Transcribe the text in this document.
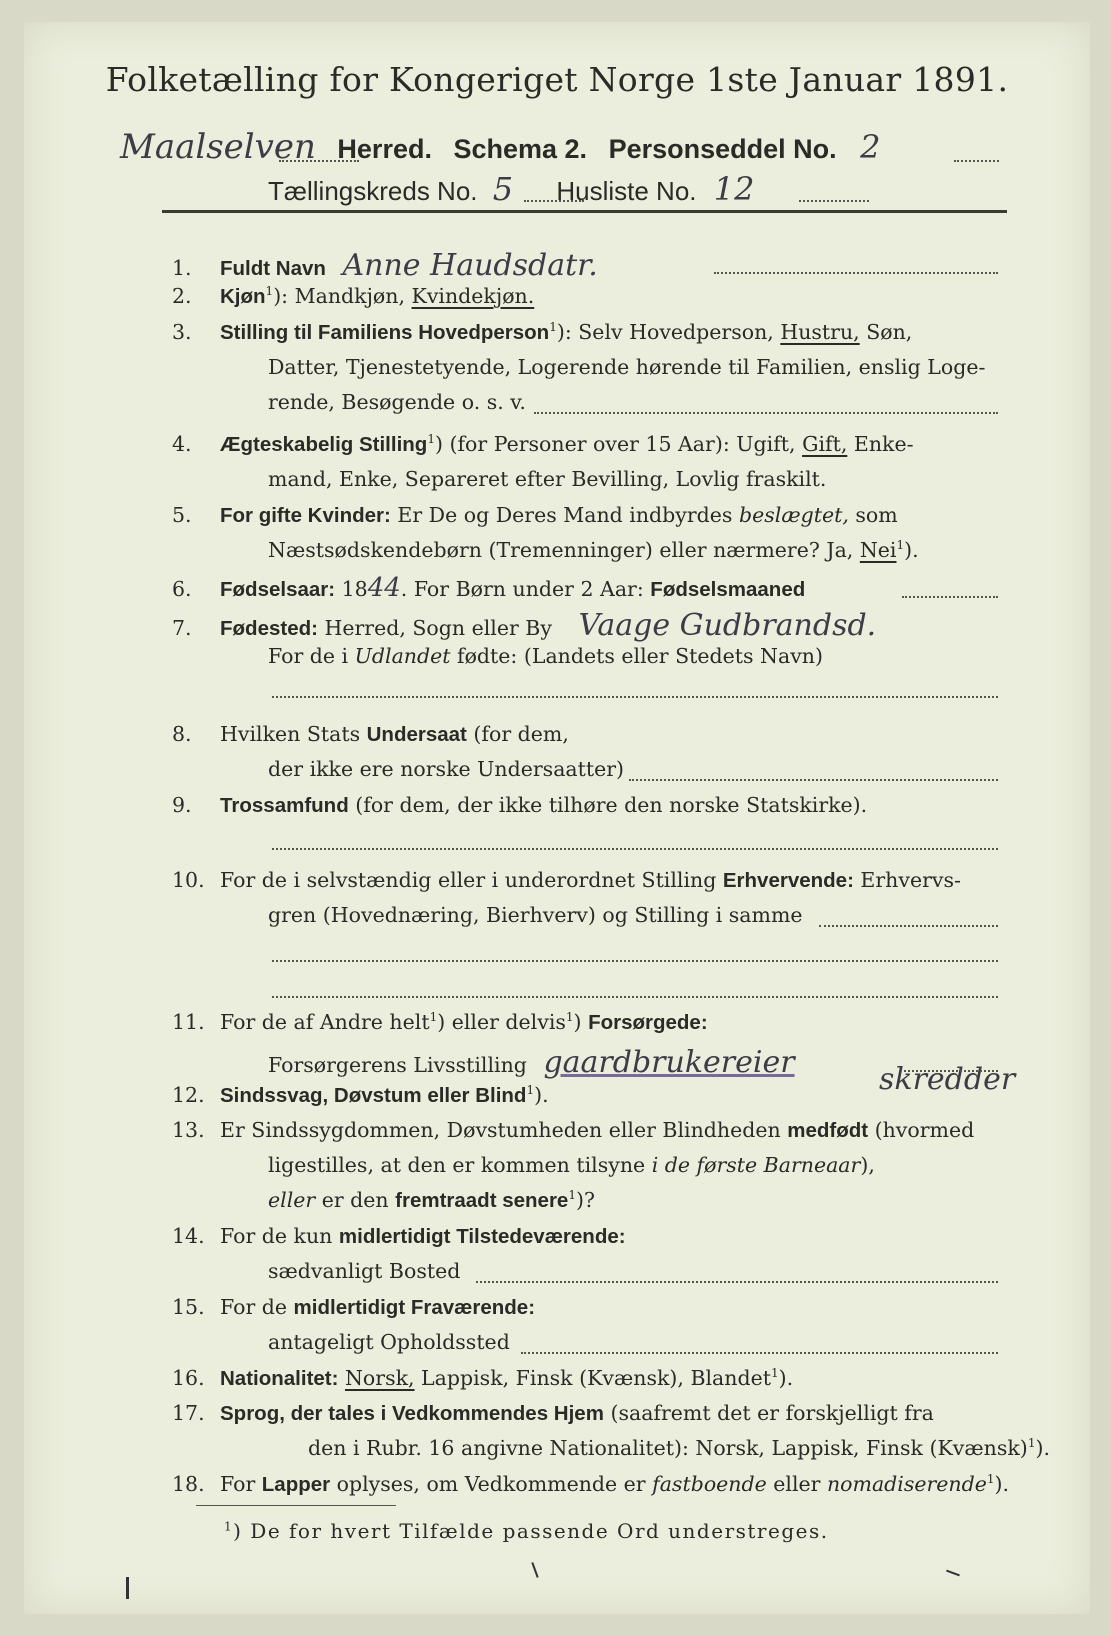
Folketælling for Kongeriget Norge 1ste Januar 1891.
Maalselven Herred. Schema 2. Personseddel No. 2
Tællingskreds No. 5 Husliste No. 12
1. Fuldt Navn Anne Haudsdatr.
2. Kjøn$^1$): Mandkjøn, Kvindekjøn.
3. Stilling til Familiens Hovedperson$^1$): Selv Hovedperson, Hustru, Søn,
Datter, Tjenestetyende, Logerende hørende til Familien, enslig Loge-
rende, Besøgende o. s. v.
4. Ægteskabelig Stilling$^1$) (for Personer over 15 Aar): Ugift, Gift, Enke-
mand, Enke, Separeret efter Bevilling, Lovlig fraskilt.
5. For gifte Kvinder: Er De og Deres Mand indbyrdes beslægtet, som
Næstsødskendebørn (Tremenninger) eller nærmere? Ja, Nei$^1$).
6. Fødselsaar: 1844. For Børn under 2 Aar: Fødselsmaaned
7. Fødested: Herred, Sogn eller By Vaage Gudbrandsd.
For de i Udlandet fødte: (Landets eller Stedets Navn)
8. Hvilken Stats Undersaat (for dem,
der ikke ere norske Undersaatter)
9. Trossamfund (for dem, der ikke tilhøre den norske Statskirke).
10. For de i selvstændig eller i underordnet Stilling Erhvervende: Erhvervs-
gren (Hovednæring, Bierhverv) og Stilling i samme
11. For de af Andre helt$^1$) eller delvis$^1$) Forsørgede:
Forsørgerens Livsstilling gaardbrukereier	skredder
12. Sindssvag, Døvstum eller Blind$^1$).
13. Er Sindssygdommen, Døvstumheden eller Blindheden medfødt (hvormed
ligestilles, at den er kommen tilsyne i de første Barneaar),
eller er den fremtraadt senere$^1$)?
14. For de kun midlertidigt Tilstedeværende:
sædvanligt Bosted
15. For de midlertidigt Fraværende:
antageligt Opholdssted
16. Nationalitet: Norsk, Lappisk, Finsk (Kvænsk), Blandet$^1$).
17. Sprog, der tales i Vedkommendes Hjem (saafremt det er forskjelligt fra
den i Rubr. 16 angivne Nationalitet): Norsk, Lappisk, Finsk (Kvænsk)$^1$).
18. For Lapper oplyses, om Vedkommende er fastboende eller nomadiserende$^1$).
$^1$) De for hvert Tilfælde passende Ord understreges.
